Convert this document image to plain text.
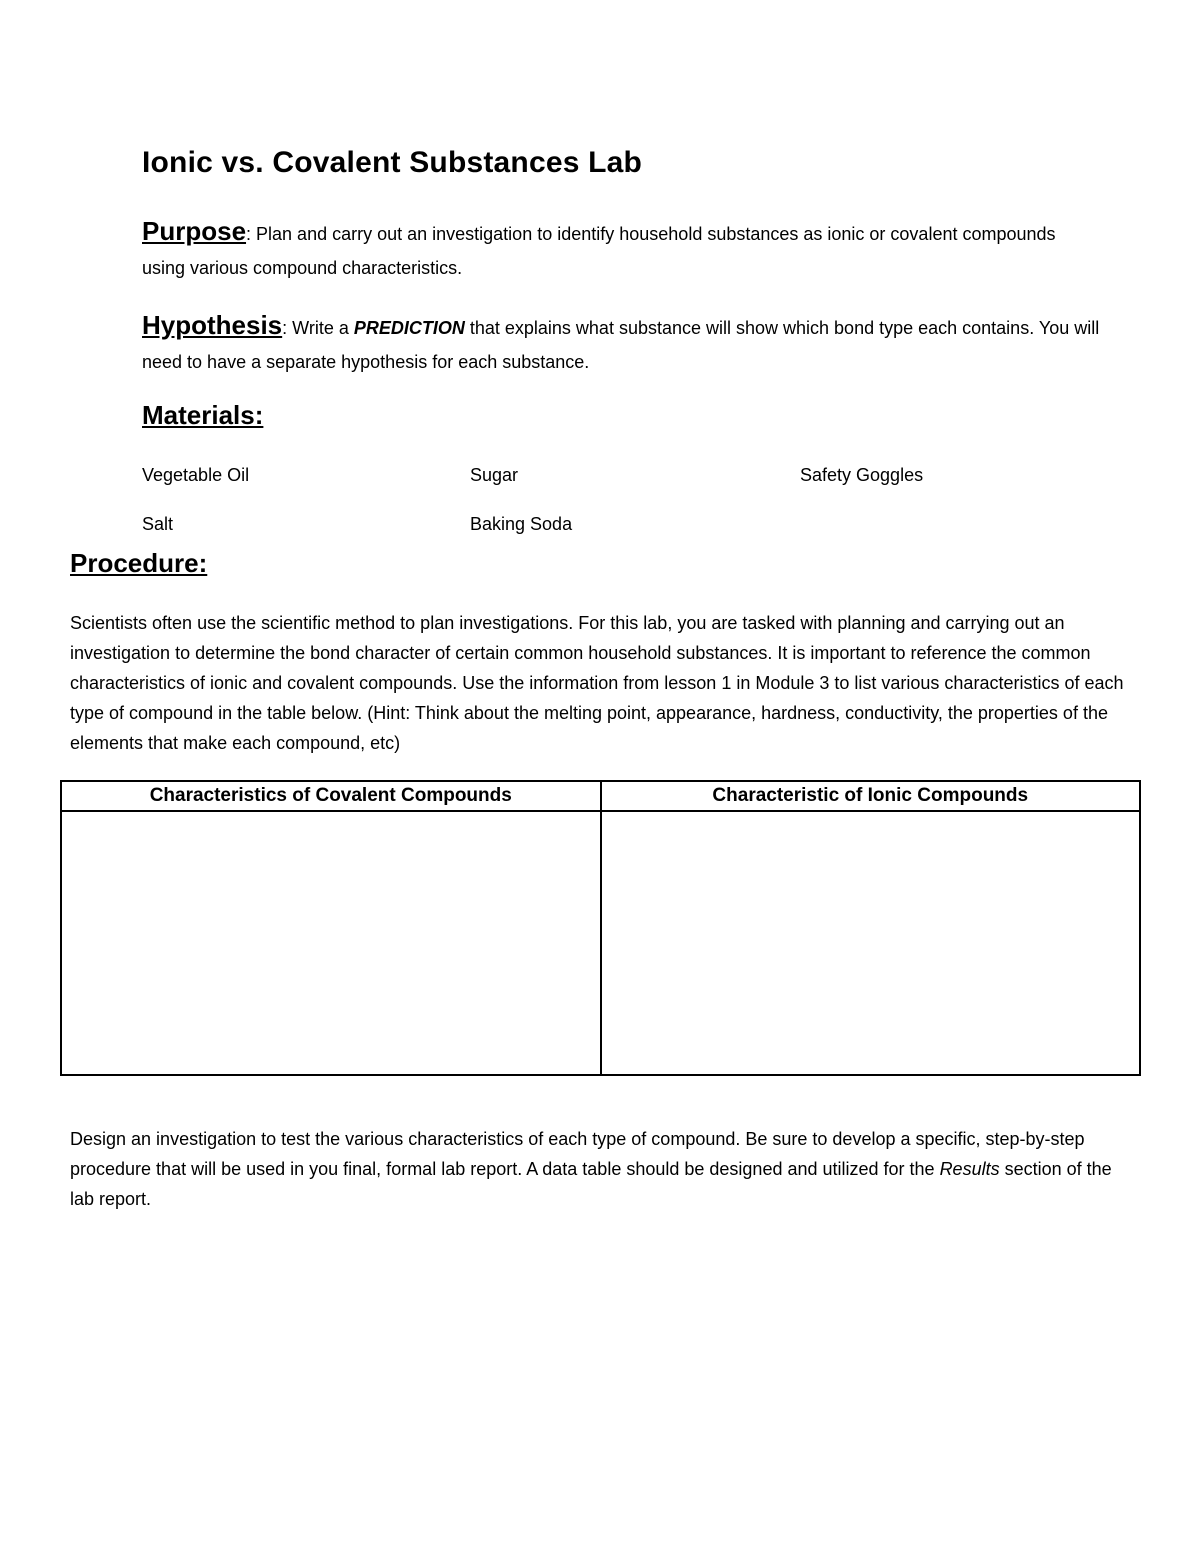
Ionic vs. Covalent Substances Lab
Purpose: Plan and carry out an investigation to identify household substances as ionic or covalent compounds using various compound characteristics.
Hypothesis: Write a PREDICTION that explains what substance will show which bond type each contains. You will need to have a separate hypothesis for each substance.
Materials:
Vegetable Oil	Sugar	Safety Goggles
Salt	Baking Soda
Procedure:
Scientists often use the scientific method to plan investigations. For this lab, you are tasked with planning and carrying out an investigation to determine the bond character of certain common household substances. It is important to reference the common characteristics of ionic and covalent compounds. Use the information from lesson 1 in Module 3 to list various characteristics of each type of compound in the table below. (Hint: Think about the melting point, appearance, hardness, conductivity, the properties of the elements that make each compound, etc)
Characteristics of Covalent Compounds	Characteristic of Ionic Compounds

Design an investigation to test the various characteristics of each type of compound. Be sure to develop a specific, step-by-step procedure that will be used in you final, formal lab report. A data table should be designed and utilized for the Results section of the lab report.
